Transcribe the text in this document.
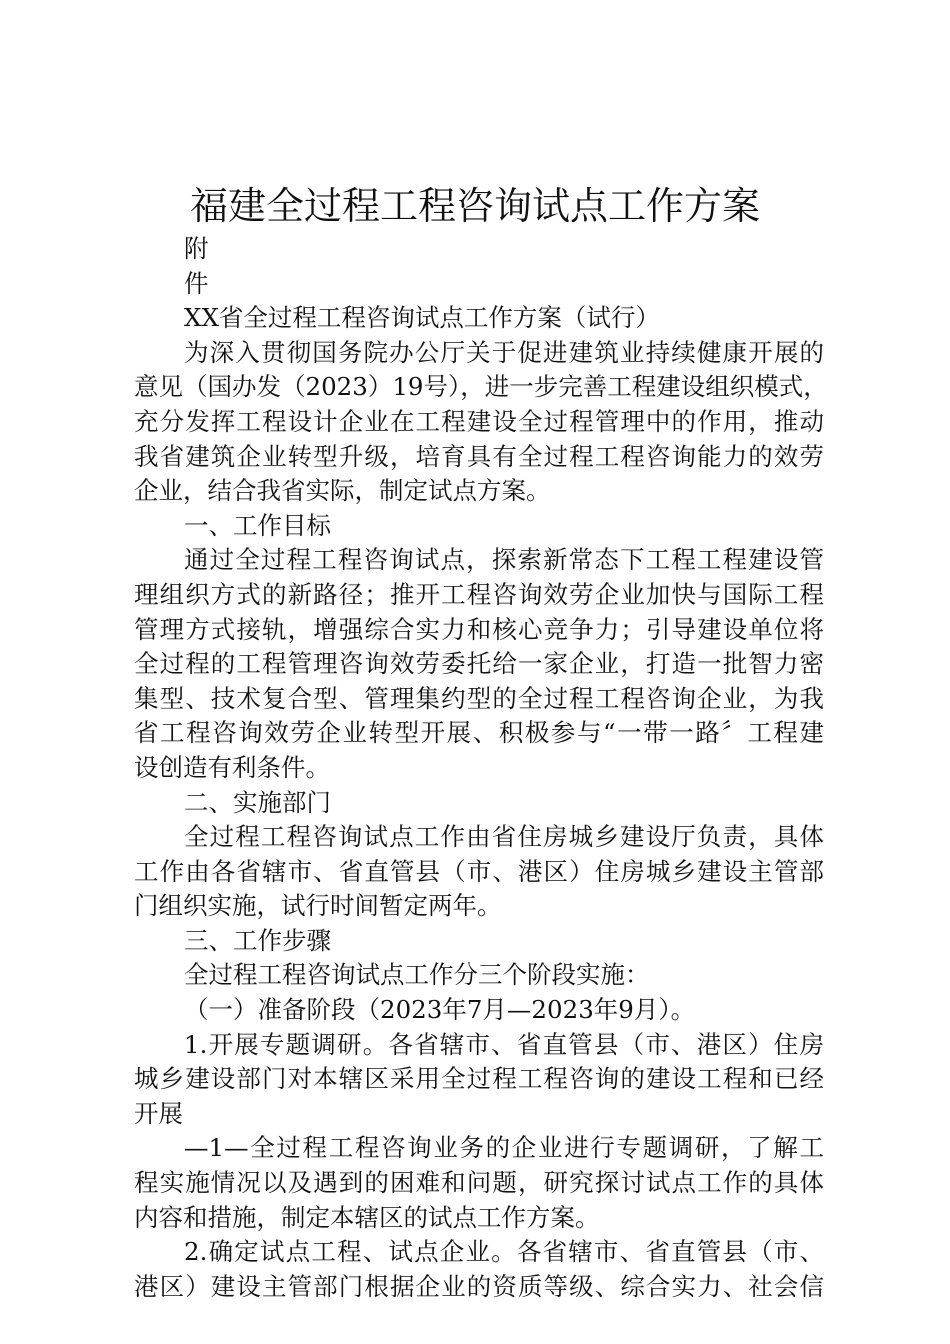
福建全过程工程咨询试点工作方案
附
件
XX省全过程工程咨询试点工作方案（试行）
为深入贯彻国务院办公厅关于促进建筑业持续健康开展的
意见（国办发（2023）19号），进一步完善工程建设组织模式，
充分发挥工程设计企业在工程建设全过程管理中的作用，推动
我省建筑企业转型升级，培育具有全过程工程咨询能力的效劳
企业，结合我省实际，制定试点方案。
一、工作目标
通过全过程工程咨询试点，探索新常态下工程工程建设管
理组织方式的新路径；推开工程咨询效劳企业加快与国际工程
管理方式接轨，增强综合实力和核心竞争力；引导建设单位将
全过程的工程管理咨询效劳委托给一家企业，打造一批智力密
集型、技术复合型、管理集约型的全过程工程咨询企业，为我
省工程咨询效劳企业转型开展、积极参与“一带一路〞工程建
设创造有利条件。
二、实施部门
全过程工程咨询试点工作由省住房城乡建设厅负责，具体
工作由各省辖市、省直管县（市、港区）住房城乡建设主管部
门组织实施，试行时间暂定两年。
三、工作步骤
全过程工程咨询试点工作分三个阶段实施：
（一）准备阶段（2023年7月—2023年9月）。
1.开展专题调研。各省辖市、省直管县（市、港区）住房
城乡建设部门对本辖区采用全过程工程咨询的建设工程和已经
开展
—1—全过程工程咨询业务的企业进行专题调研，了解工
程实施情况以及遇到的困难和问题，研究探讨试点工作的具体
内容和措施，制定本辖区的试点工作方案。
2.确定试点工程、试点企业。各省辖市、省直管县（市、
港区）建设主管部门根据企业的资质等级、综合实力、社会信
